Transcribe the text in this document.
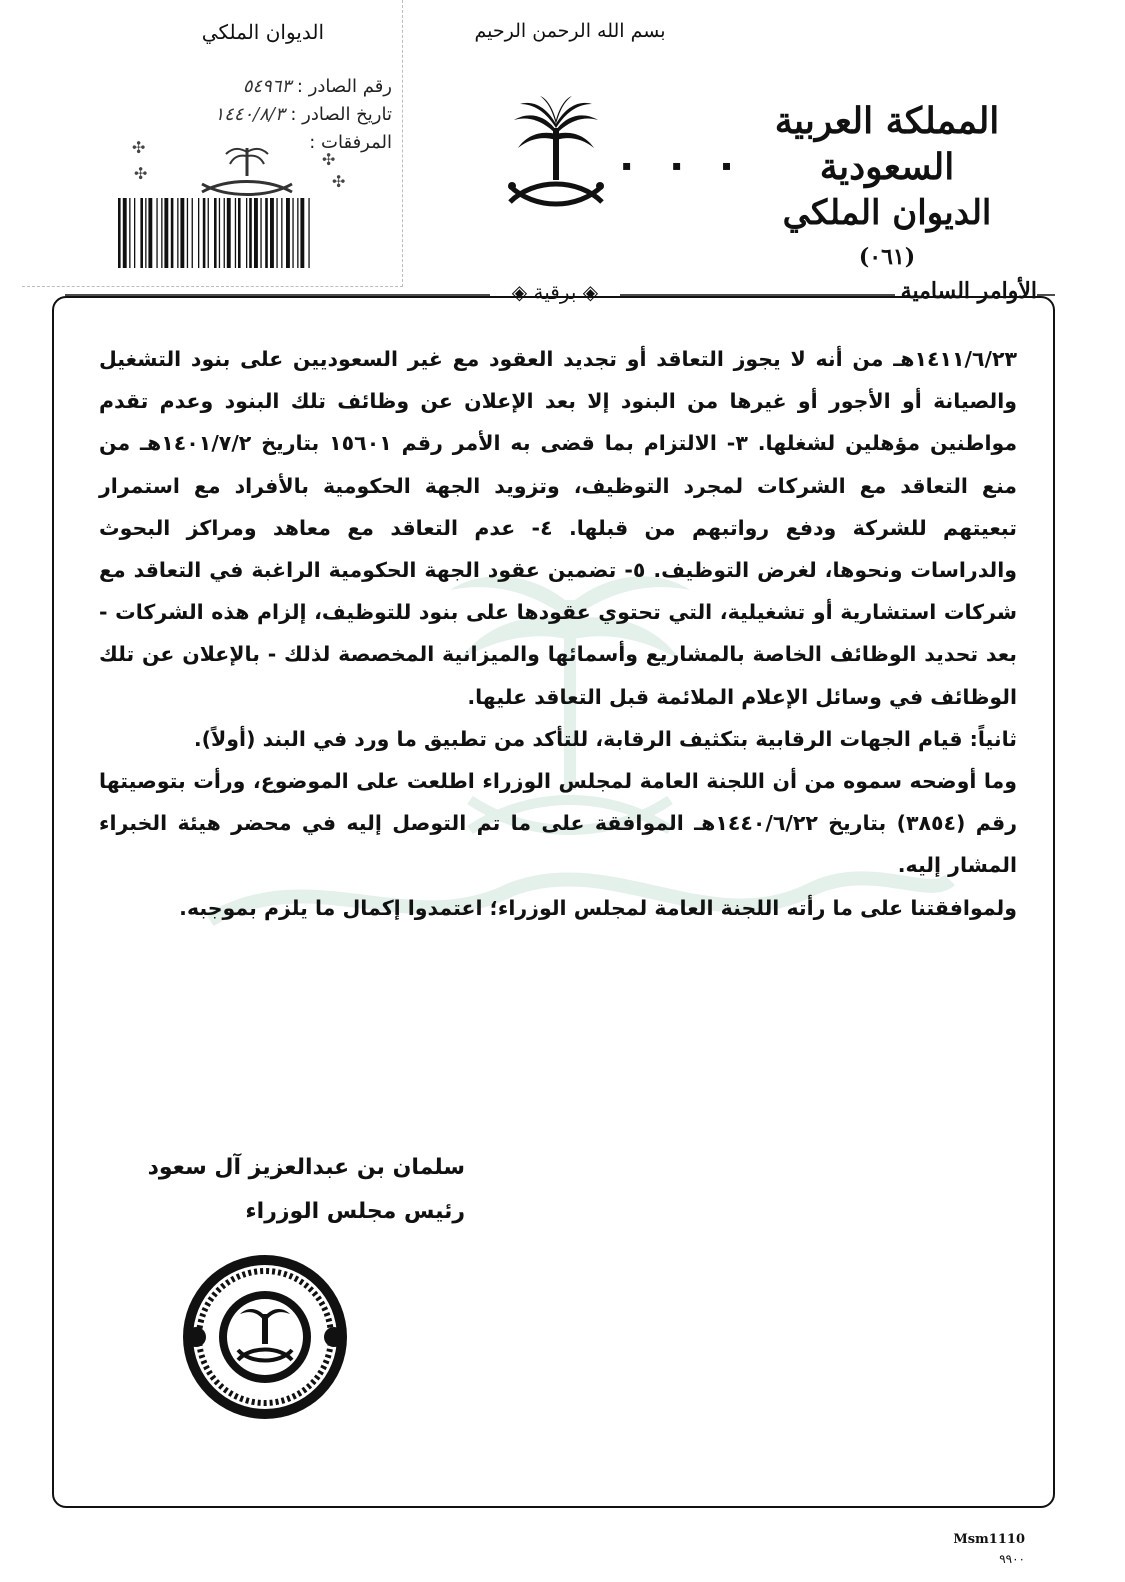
بسم الله الرحمن الرحيم
الديوان الملكي
رقم الصادر : ٥٤٩٦٣
تاريخ الصادر : ١٤٤٠/٨/٣
المرفقات :
✣
✣
✣	✣
▪ ▪ ▪
المملكة العربية السعودية
الديوان الملكي
(٠٦١)
◈ برقية ◈	الأوامر السامية

١٤١١/٦/٢٣هـ من أنه لا يجوز التعاقد أو تجديد العقود مع غير السعوديين على بنود التشغيل والصيانة أو الأجور أو غيرها من البنود إلا بعد الإعلان عن وظائف تلك البنود وعدم تقدم مواطنين مؤهلين لشغلها. ٣- الالتزام بما قضى به الأمر رقم ١٥٦٠١ بتاريخ ١٤٠١/٧/٢هـ من منع التعاقد مع الشركات لمجرد التوظيف، وتزويد الجهة الحكومية بالأفراد مع استمرار تبعيتهم للشركة ودفع رواتبهم من قبلها. ٤- عدم التعاقد مع معاهد ومراكز البحوث والدراسات ونحوها، لغرض التوظيف. ٥- تضمين عقود الجهة الحكومية الراغبة في التعاقد مع شركات استشارية أو تشغيلية، التي تحتوي عقودها على بنود للتوظيف، إلزام هذه الشركات - بعد تحديد الوظائف الخاصة بالمشاريع وأسمائها والميزانية المخصصة لذلك - بالإعلان عن تلك الوظائف في وسائل الإعلام الملائمة قبل التعاقد عليها.

ثانياً: قيام الجهات الرقابية بتكثيف الرقابة، للتأكد من تطبيق ما ورد في البند (أولاً).

وما أوضحه سموه من أن اللجنة العامة لمجلس الوزراء اطلعت على الموضوع، ورأت بتوصيتها رقم (٣٨٥٤) بتاريخ ١٤٤٠/٦/٢٢هـ الموافقة على ما تم التوصل إليه في محضر هيئة الخبراء المشار إليه.

ولموافقتنا على ما رأته اللجنة العامة لمجلس الوزراء؛ اعتمدوا إكمال ما يلزم بموجبه.

سلمان بن عبدالعزيز آل سعود
رئيس مجلس الوزراء
Msm1110
٩٩٠٠
